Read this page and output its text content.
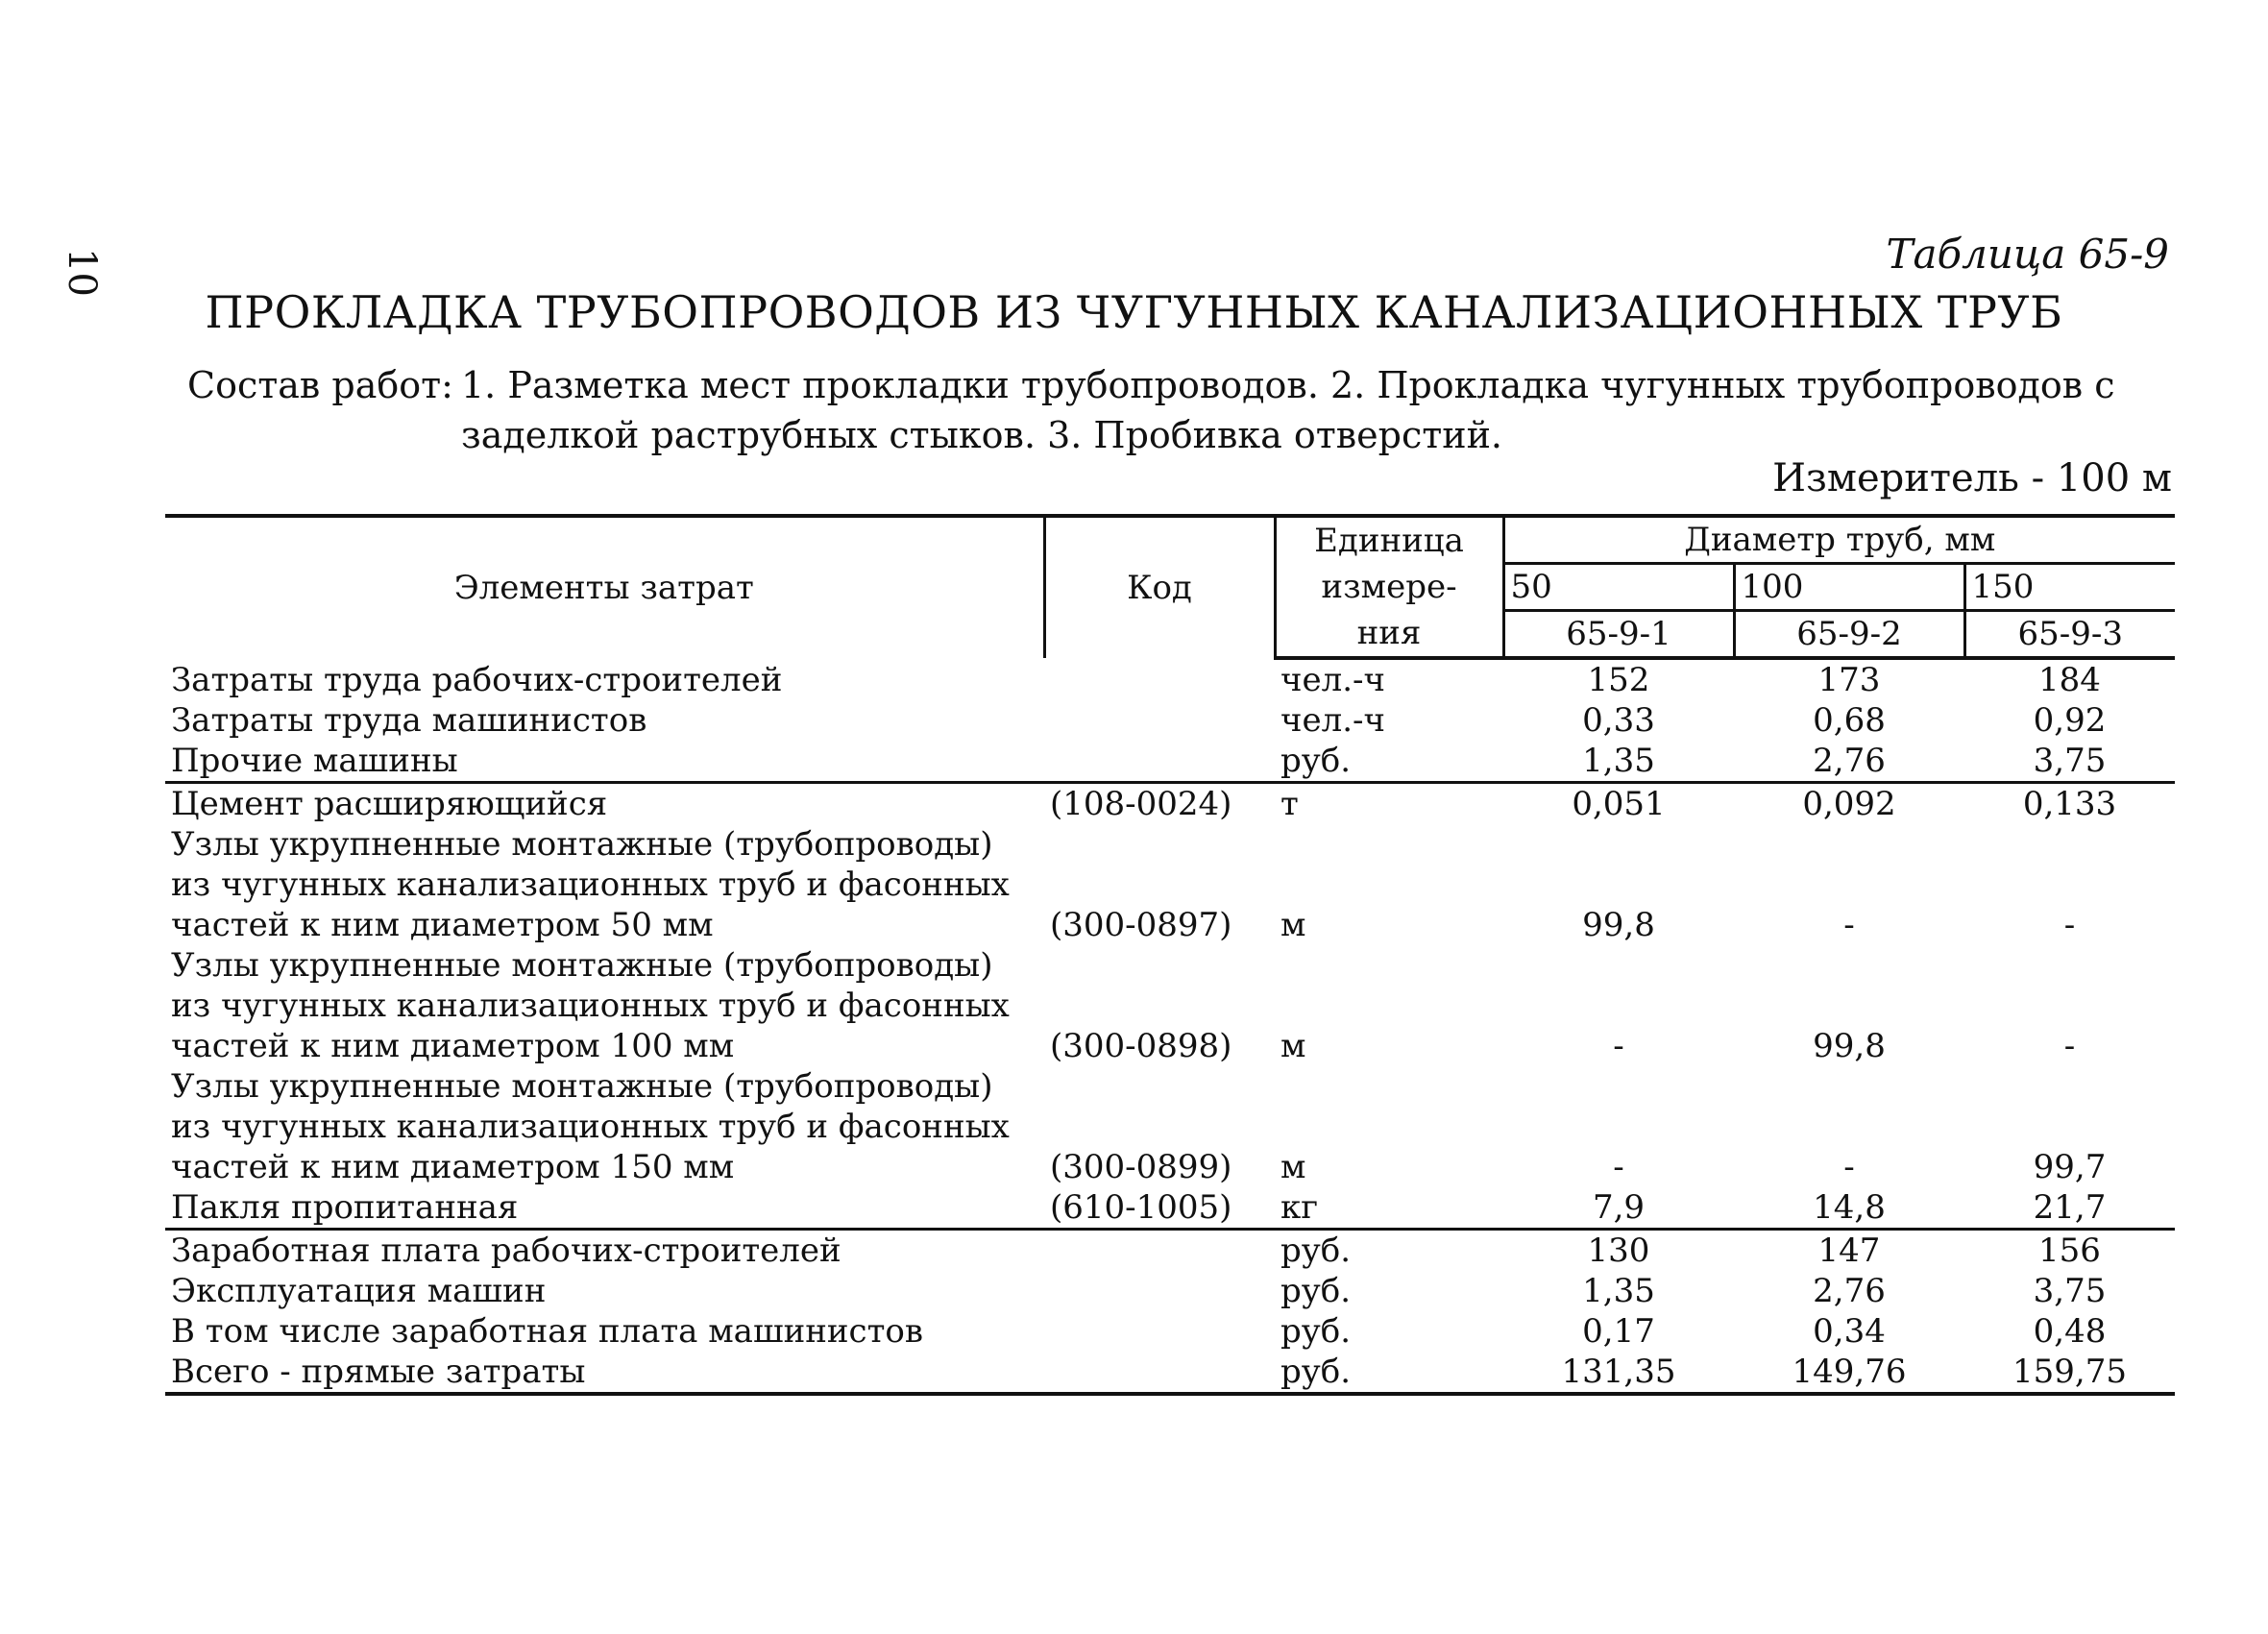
10	Таблица 65-9
ПРОКЛАДКА ТРУБОПРОВОДОВ ИЗ ЧУГУННЫХ КАНАЛИЗАЦИОННЫХ ТРУБ
Состав работ: 1. Разметка мест прокладки трубопроводов. 2. Прокладка чугунных трубопроводов с
заделкой раструбных стыков. 3. Пробивка отверстий.
Измеритель - 100 м
Элементы затрат	Код	Единица	Диаметр труб, мм		
		измере-	50	100	150
		ния	65-9-1	65-9-2	65-9-3

Затраты труда рабочих-строителей		чел.-ч	152	173	184

Затраты труда машинистов		чел.-ч	0,33	0,68	0,92

Прочие машины		руб.	1,35	2,76	3,75

Цемент расширяющийся	(108-0024)	т	0,051	0,092	0,133

Узлы укрупненные монтажные (трубопроводы)
из чугунных канализационных труб и фасонных
частей к ним диаметром 50 мм	(300-0897)	м	99,8	-	-

Узлы укрупненные монтажные (трубопроводы)
из чугунных канализационных труб и фасонных
частей к ним диаметром 100 мм	(300-0898)	м	-	99,8	-

Узлы укрупненные монтажные (трубопроводы)
из чугунных канализационных труб и фасонных
частей к ним диаметром 150 мм	(300-0899)	м	-	-	99,7

Пакля пропитанная	(610-1005)	кг	7,9	14,8	21,7

Заработная плата рабочих-строителей		руб.	130	147	156

Эксплуатация машин		руб.	1,35	2,76	3,75

В том числе заработная плата машинистов		руб.	0,17	0,34	0,48

Всего - прямые затраты		руб.	131,35	149,76	159,75
